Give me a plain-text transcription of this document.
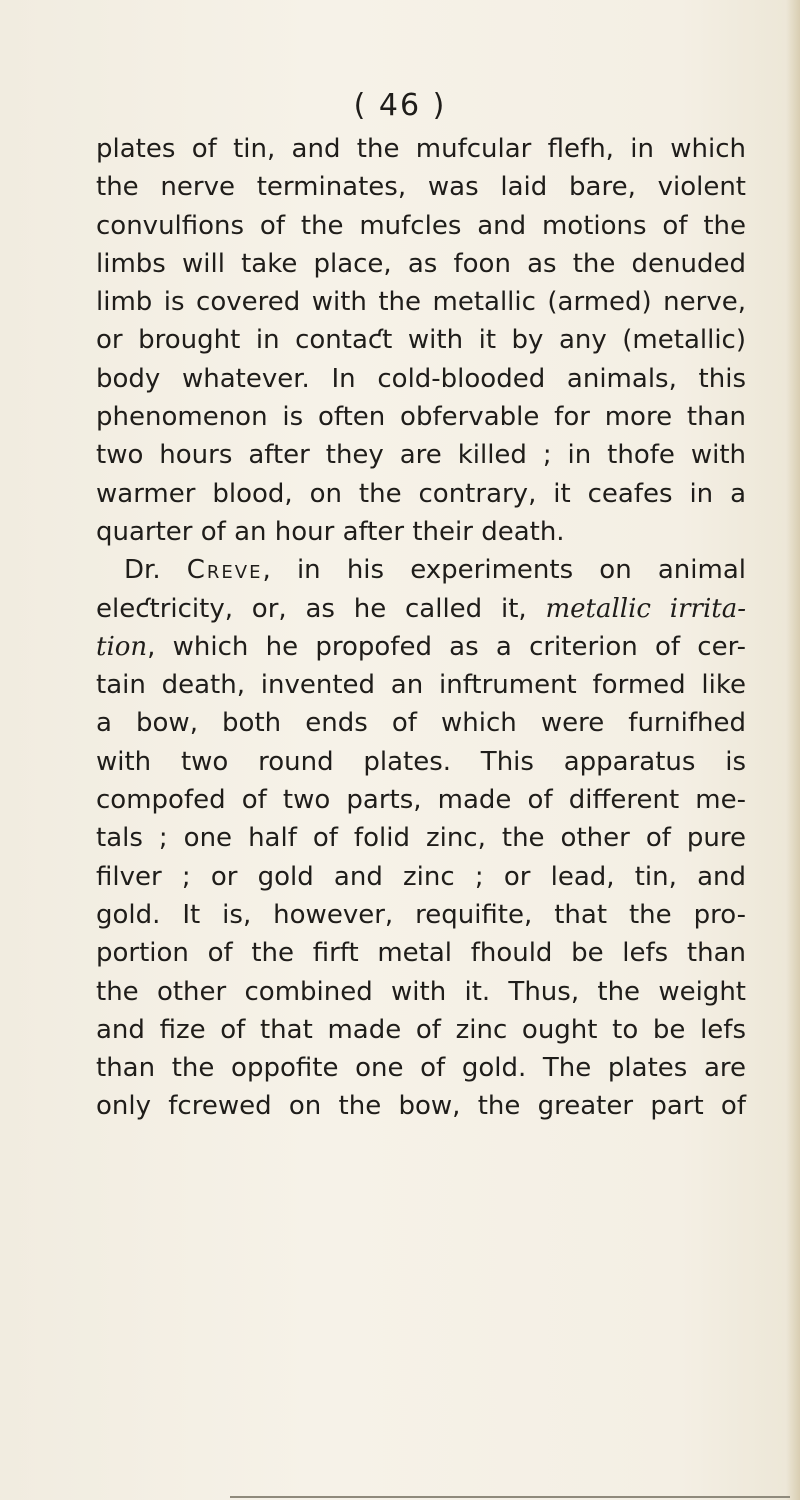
( 46 )
plates of tin, and the mufcular flefh, in which
the nerve terminates, was laid bare, violent
convulfions of the mufcles and motions of the
limbs will take place, as foon as the denuded
limb is covered with the metallic (armed) nerve,
or brought in contaƈt with it by any (metallic)
body whatever. In cold-blooded animals, this
phenomenon is often obfervable for more than
two hours after they are killed ; in thofe with
warmer blood, on the contrary, it ceafes in a
quarter of an hour after their death.
Dr. Creve, in his experiments on animal
eleƈtricity, or, as he called it, metallic irrita-
tion, which he propofed as a criterion of cer-
tain death, invented an inftrument formed like
a bow, both ends of which were furnifhed
with two round plates. This apparatus is
compofed of two parts, made of different me-
tals ; one half of folid zinc, the other of pure
filver ; or gold and zinc ; or lead, tin, and
gold. It is, however, requifite, that the pro-
portion of the firft metal fhould be lefs than
the other combined with it. Thus, the weight
and fize of that made of zinc ought to be lefs
than the oppofite one of gold. The plates are
only fcrewed on the bow, the greater part of
